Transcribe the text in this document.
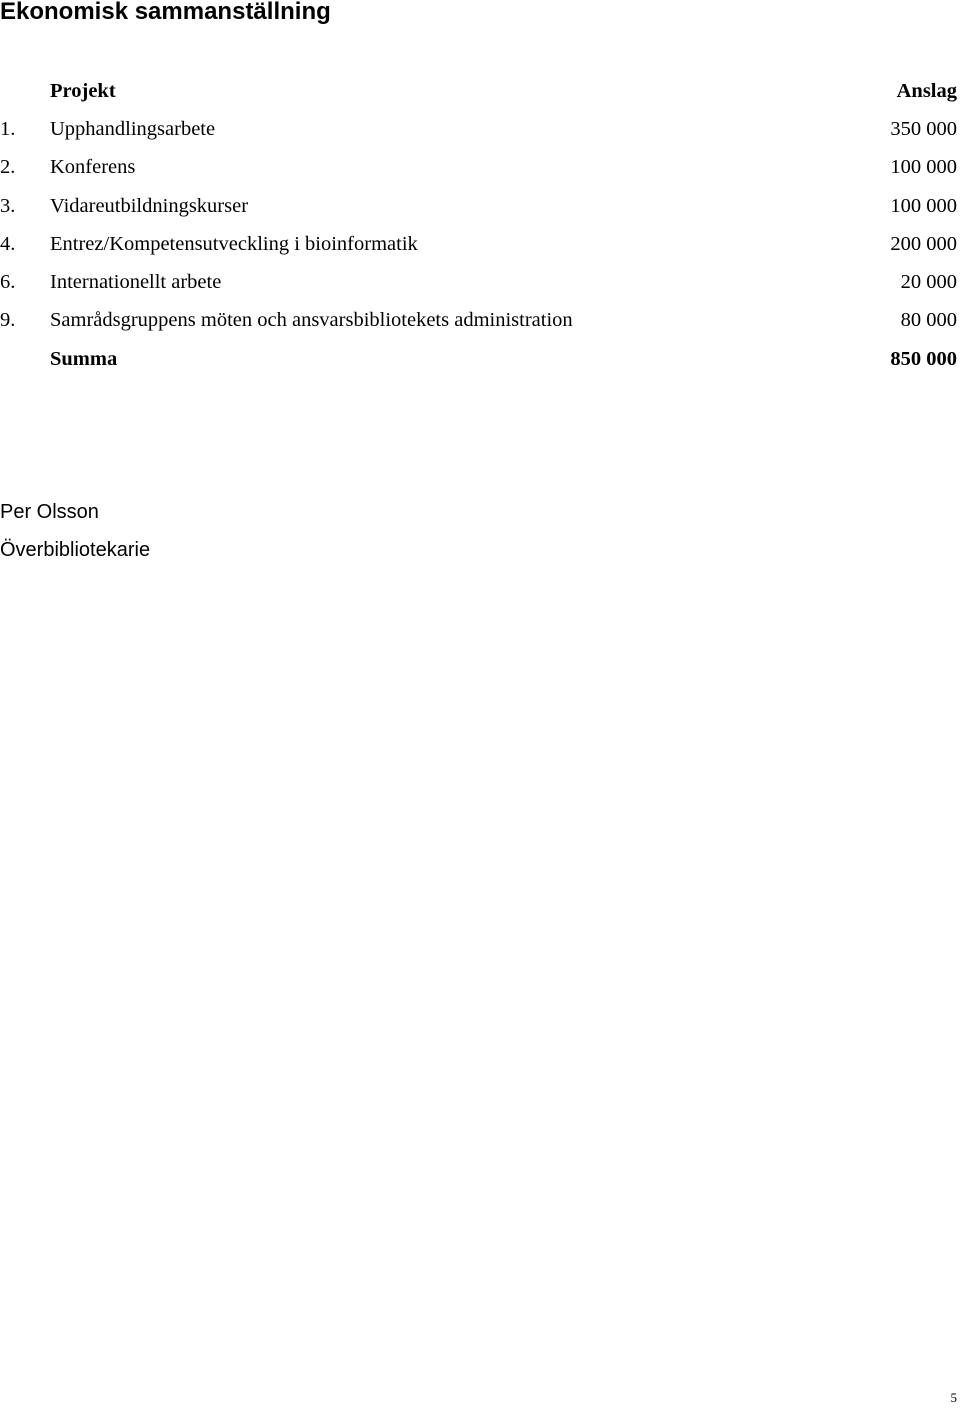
Ekonomisk sammanställning
	Projekt	Anslag
1.	Upphandlingsarbete	350 000
2.	Konferens	100 000
3.	Vidareutbildningskurser	100 000
4.	Entrez/Kompetensutveckling i bioinformatik	200 000
6.	Internationellt arbete	20 000
9.	Samrådsgruppens möten och ansvarsbibliotekets administration	80 000
	Summa	850 000
Per Olsson
Överbibliotekarie
5
